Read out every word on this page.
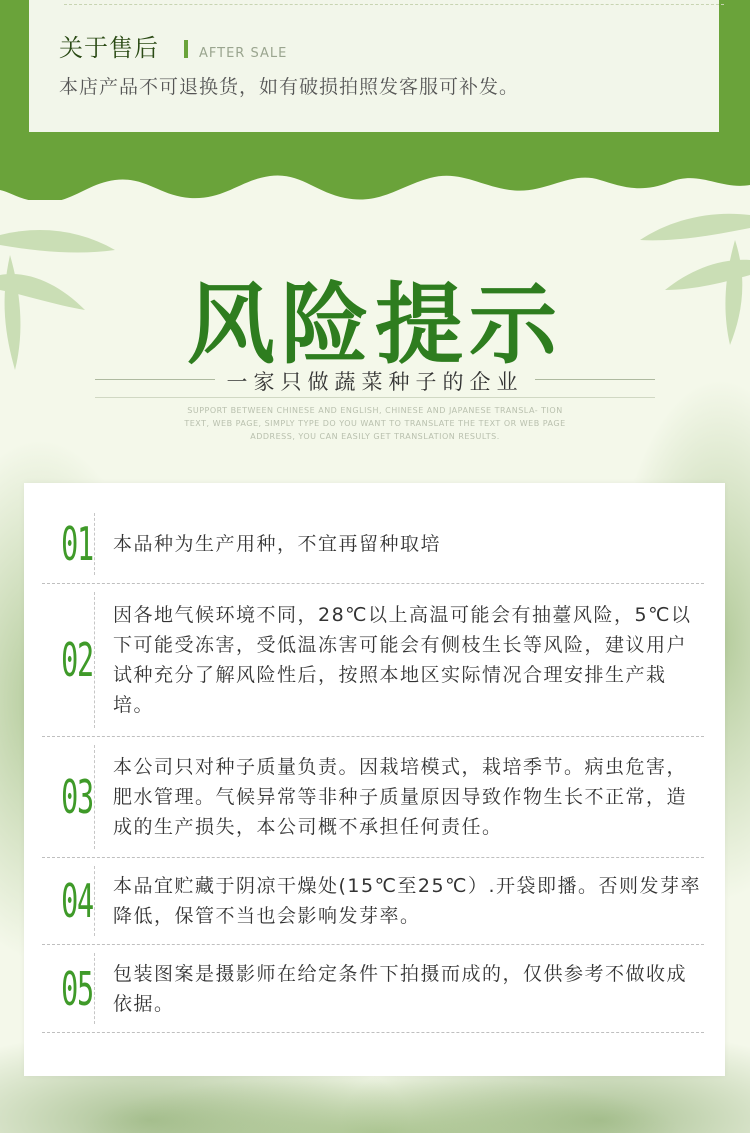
关于售后	AFTER SALE
本店产品不可退换货，如有破损拍照发客服可补发。
风险提示
一家只做蔬菜种子的企业
SUPPORT BETWEEN CHINESE AND ENGLISH, CHINESE AND JAPANESE TRANSLA- TION TEXT, WEB PAGE, SIMPLY TYPE DO YOU WANT TO TRANSLATE THE TEXT OR WEB PAGE ADDRESS, YOU CAN EASILY GET TRANSLATION RESULTS.
01	本品种为生产用种，不宜再留种取培
02
因各地气候环境不同，28℃以上高温可能会有抽薹风险，5℃以下可能受冻害，受低温冻害可能会有侧枝生长等风险，建议用户试种充分了解风险性后，按照本地区实际情况合理安排生产栽培。
03
本公司只对种子质量负责。因栽培模式，栽培季节。病虫危害，肥水管理。气候异常等非种子质量原因导致作物生长不正常，造成的生产损失，本公司概不承担任何责任。
04	本品宜贮藏于阴凉干燥处(15℃至25℃）.开袋即播。否则发芽率降低，保管不当也会影响发芽率。
05	包装图案是摄影师在给定条件下拍摄而成的，仅供参考不做收成依据。
